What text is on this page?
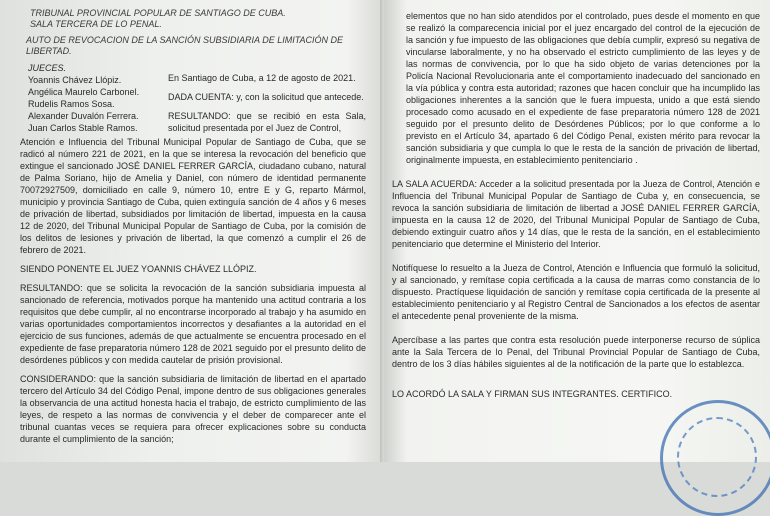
TRIBUNAL PROVINCIAL POPULAR DE SANTIAGO DE CUBA.
SALA TERCERA DE LO PENAL.
AUTO DE REVOCACION DE LA SANCIÓN SUBSIDIARIA DE LIMITACIÓN DE LIBERTAD.
JUECES.
Yoannis Chávez Llópiz.
Angélica Maurelo Carbonel.
Rudelis Ramos Sosa.
Alexander Duvalón Ferrera.
Juan Carlos Stable Ramos.

En Santiago de Cuba, a 12 de agosto de 2021.

DADA CUENTA: y, con la solicitud que antecede.

RESULTANDO: que se recibió en esta Sala, solicitud presentada por el Juez de Control,

Atención e Influencia del Tribunal Municipal Popular de Santiago de Cuba, que se radicó al número 221 de 2021, en la que se interesa la revocación del beneficio que extingue el sancionado JOSÉ DANIEL FERRER GARCÍA, ciudadano cubano, natural de Palma Soriano, hijo de Amelia y Daniel, con número de identidad permanente 70072927509, domiciliado en calle 9, número 10, entre E y G, reparto Mármol, municipio y provincia Santiago de Cuba, quien extinguía sanción de 4 años y 6 meses de privación de libertad, subsidiados por limitación de libertad, impuesta en la causa 12 de 2020, del Tribunal Municipal Popular de Santiago de Cuba, por la comisión de los delitos de lesiones y privación de libertad, la que comenzó a cumplir el 26 de febrero de 2021.

SIENDO PONENTE EL JUEZ YOANNIS CHÁVEZ LLÓPIZ.

RESULTANDO: que se solicita la revocación de la sanción subsidiaria impuesta al sancionado de referencia, motivados porque ha mantenido una actitud contraria a los requisitos que debe cumplir, al no encontrarse incorporado al trabajo y ha asumido en varias oportunidades comportamientos incorrectos y desafiantes a la autoridad en el ejercicio de sus funciones, además de que actualmente se encuentra procesado en el expediente de fase preparatoria número 128 de 2021 seguido por el presunto delito de desórdenes públicos y con medida cautelar de prisión provisional.

CONSIDERANDO: que la sanción subsidiaria de limitación de libertad en el apartado tercero del Artículo 34 del Código Penal, impone dentro de sus obligaciones generales la observancia de una actitud honesta hacia el trabajo, de estricto cumplimiento de las leyes, de respeto a las normas de convivencia y el deber de comparecer ante el tribunal cuantas veces se requiera para ofrecer explicaciones sobre su conducta durante el cumplimiento de la sanción;

elementos que no han sido atendidos por el controlado, pues desde el momento en que se realizó la comparecencia inicial por el juez encargado del control de la ejecución de la sanción y fue impuesto de las obligaciones que debía cumplir, expresó su negativa de vincularse laboralmente, y no ha observado el estricto cumplimiento de las leyes y de las normas de convivencia, por lo que ha sido objeto de varias detenciones por la Policía Nacional Revolucionaria ante el comportamiento inadecuado del sancionado en la vía pública y contra esta autoridad; razones que hacen concluir que ha incumplido las obligaciones inherentes a la sanción que le fuera impuesta, unido a que está siendo procesado como acusado en el expediente de fase preparatoria número 128 de 2021 seguido por el presunto delito de Desórdenes Públicos; por lo que conforme a lo previsto en el Artículo 34, apartado 6 del Código Penal, existen mérito para revocar la sanción subsidiaria y que cumpla lo que le resta de la sanción de privación de libertad, originalmente impuesta, en establecimiento penitenciario .

LA SALA ACUERDA: Acceder a la solicitud presentada por la Jueza de Control, Atención e Influencia del Tribunal Municipal Popular de Santiago de Cuba y, en consecuencia, se revoca la sanción subsidiaria de limitación de libertad a JOSÉ DANIEL FERRER GARCÍA, impuesta en la causa 12 de 2020, del Tribunal Municipal Popular de Santiago de Cuba, debiendo extinguir cuatro años y 14 días, que le resta de la sanción, en el establecimiento penitenciario que determine el Ministerio del Interior.

Notifíquese lo resuelto a la Jueza de Control, Atención e Influencia que formuló la solicitud, y al sancionado, y remítase copia certificada a la causa de marras como constancia de lo dispuesto. Practíquese liquidación de sanción y remítase copia certificada de la presente al establecimiento penitenciario y al Registro Central de Sancionados a los efectos de asentar el antecedente penal proveniente de la misma.

Apercíbase a las partes que contra esta resolución puede interponerse recurso de súplica ante la Sala Tercera de lo Penal, del Tribunal Provincial Popular de Santiago de Cuba, dentro de los 3 días hábiles siguientes al de la notificación de la parte que lo establezca.

LO ACORDÓ LA SALA Y FIRMAN SUS INTEGRANTES. CERTIFICO.
